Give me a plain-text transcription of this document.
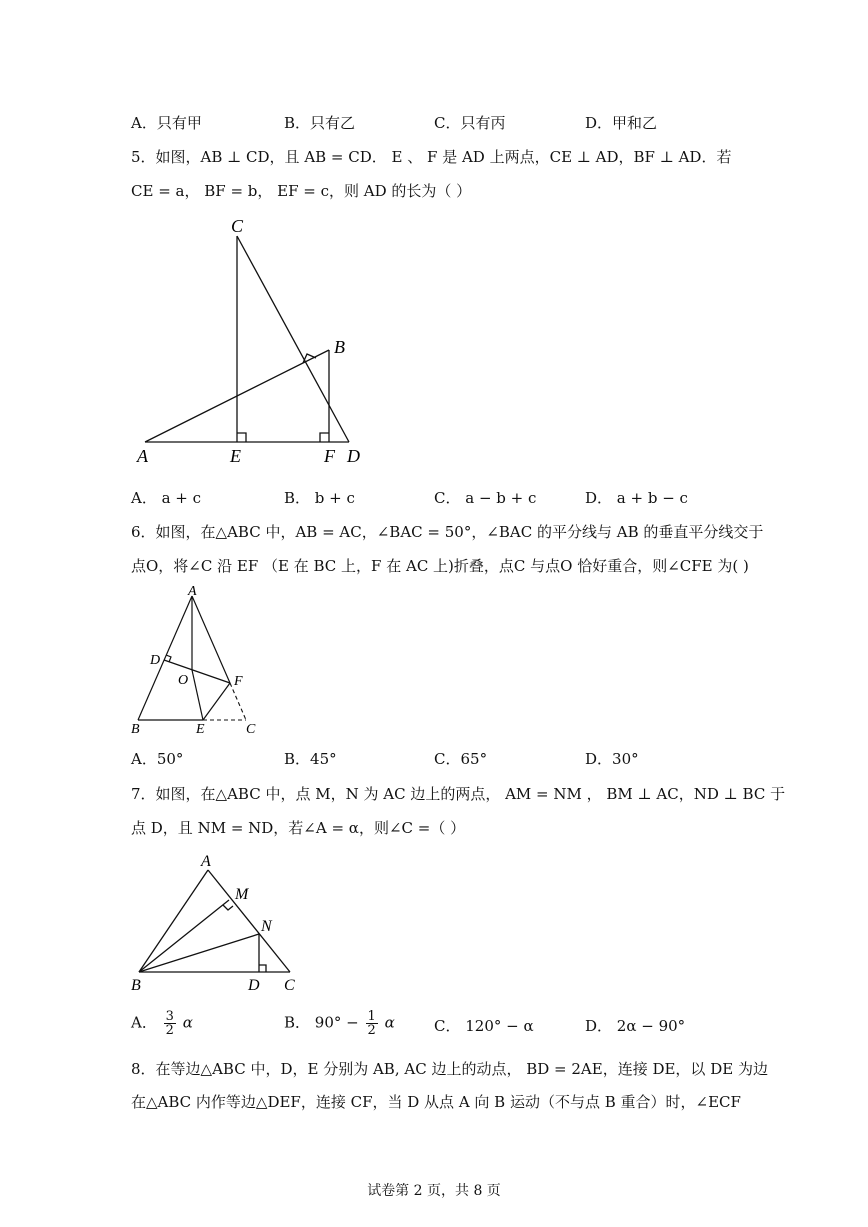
A．只有甲	B．只有乙	C．只有丙	D．甲和乙
5．如图，AB ⊥ CD，且 AB = CD． E 、 F 是 AD 上两点，CE ⊥ AD，BF ⊥ AD．若
CE = a， BF = b， EF = c，则 AD 的长为（ ）
C
B
A	E	F D
A． a + c	B． b + c	C． a − b + c	D． a + b − c
6．如图，在△ABC 中，AB = AC，∠BAC = 50°，∠BAC 的平分线与 AB 的垂直平分线交于
点O，将∠C 沿 EF （E 在 BC 上，F 在 AC 上)折叠，点C 与点O 恰好重合，则∠CFE 为( )
A
D
O	F
B	E	C
A．50°	B．45°	C．65°	D．30°
7．如图，在△ABC 中，点 M，N 为 AC 边上的两点， AM = NM ， BM ⊥ AC，ND ⊥ BC 于
点 D，且 NM = ND，若∠A = α，则∠C =（ ）
A
M
N
B	D C
A． $\frac{3}{2}$ α	B． $90^\circ - \frac{1}{2}$ α	C． 120° − α	D． 2α − 90°
8．在等边△ABC 中，D，E 分别为 AB, AC 边上的动点， BD = 2AE，连接 DE，以 DE 为边
在△ABC 内作等边△DEF，连接 CF，当 D 从点 A 向 B 运动（不与点 B 重合）时，∠ECF
试卷第 2 页，共 8 页
